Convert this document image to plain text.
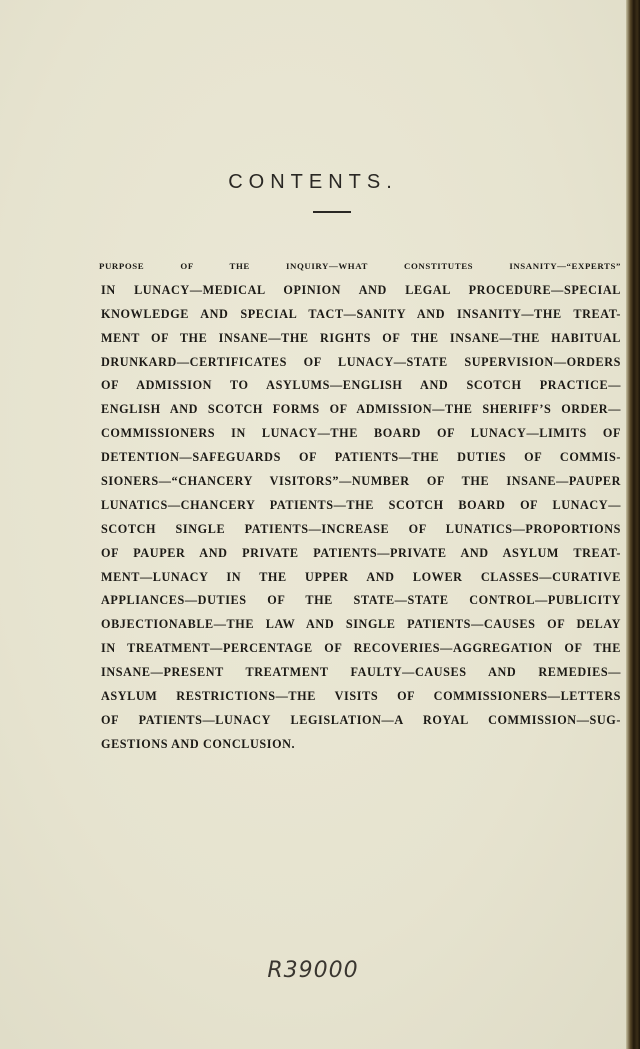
CONTENTS.
PURPOSE OF THE INQUIRY—WHAT CONSTITUTES INSANITY—“EXPERTS”
IN LUNACY—MEDICAL OPINION AND LEGAL PROCEDURE—SPECIAL
KNOWLEDGE AND SPECIAL TACT—SANITY AND INSANITY—THE TREAT-
MENT OF THE INSANE—THE RIGHTS OF THE INSANE—THE HABITUAL
DRUNKARD—CERTIFICATES OF LUNACY—STATE SUPERVISION—ORDERS
OF ADMISSION TO ASYLUMS—ENGLISH AND SCOTCH PRACTICE—
ENGLISH AND SCOTCH FORMS OF ADMISSION—THE SHERIFF’S ORDER—
COMMISSIONERS IN LUNACY—THE BOARD OF LUNACY—LIMITS OF
DETENTION—SAFEGUARDS OF PATIENTS—THE DUTIES OF COMMIS-
SIONERS—“CHANCERY VISITORS”—NUMBER OF THE INSANE—PAUPER
LUNATICS—CHANCERY PATIENTS—THE SCOTCH BOARD OF LUNACY—
SCOTCH SINGLE PATIENTS—INCREASE OF LUNATICS—PROPORTIONS
OF PAUPER AND PRIVATE PATIENTS—PRIVATE AND ASYLUM TREAT-
MENT—LUNACY IN THE UPPER AND LOWER CLASSES—CURATIVE
APPLIANCES—DUTIES OF THE STATE—STATE CONTROL—PUBLICITY
OBJECTIONABLE—THE LAW AND SINGLE PATIENTS—CAUSES OF DELAY
IN TREATMENT—PERCENTAGE OF RECOVERIES—AGGREGATION OF THE
INSANE—PRESENT TREATMENT FAULTY—CAUSES AND REMEDIES—
ASYLUM RESTRICTIONS—THE VISITS OF COMMISSIONERS—LETTERS
OF PATIENTS—LUNACY LEGISLATION—A ROYAL COMMISSION—SUG-
GESTIONS AND CONCLUSION.
R39000
